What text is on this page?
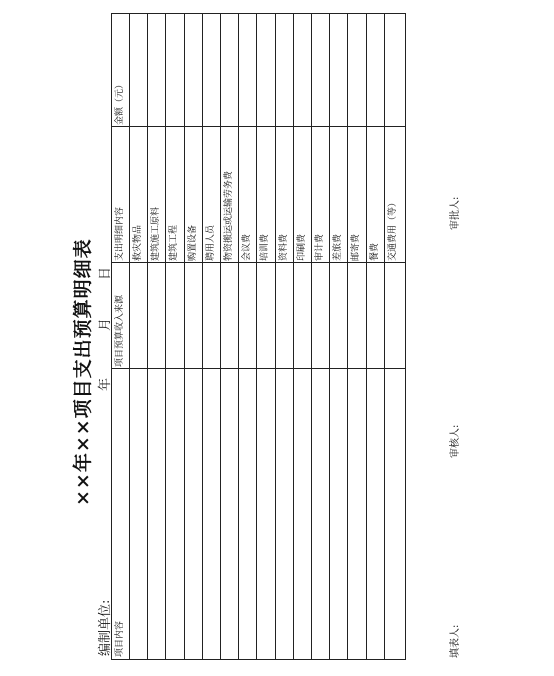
××年××项目支出预算明细表
编制单位:
年
月
日
项目内容
项目预算收入来源
支出明细内容
金额（元）
救灾物品 建筑施工原料 建筑工程 购置设备 聘用人员 物资搬运或运输劳务费 会议费 培训费 资料费 印刷费 审计费 差旅费 邮寄费 餐费 交通费用（等）
填表人:
审核人:
审批人:
